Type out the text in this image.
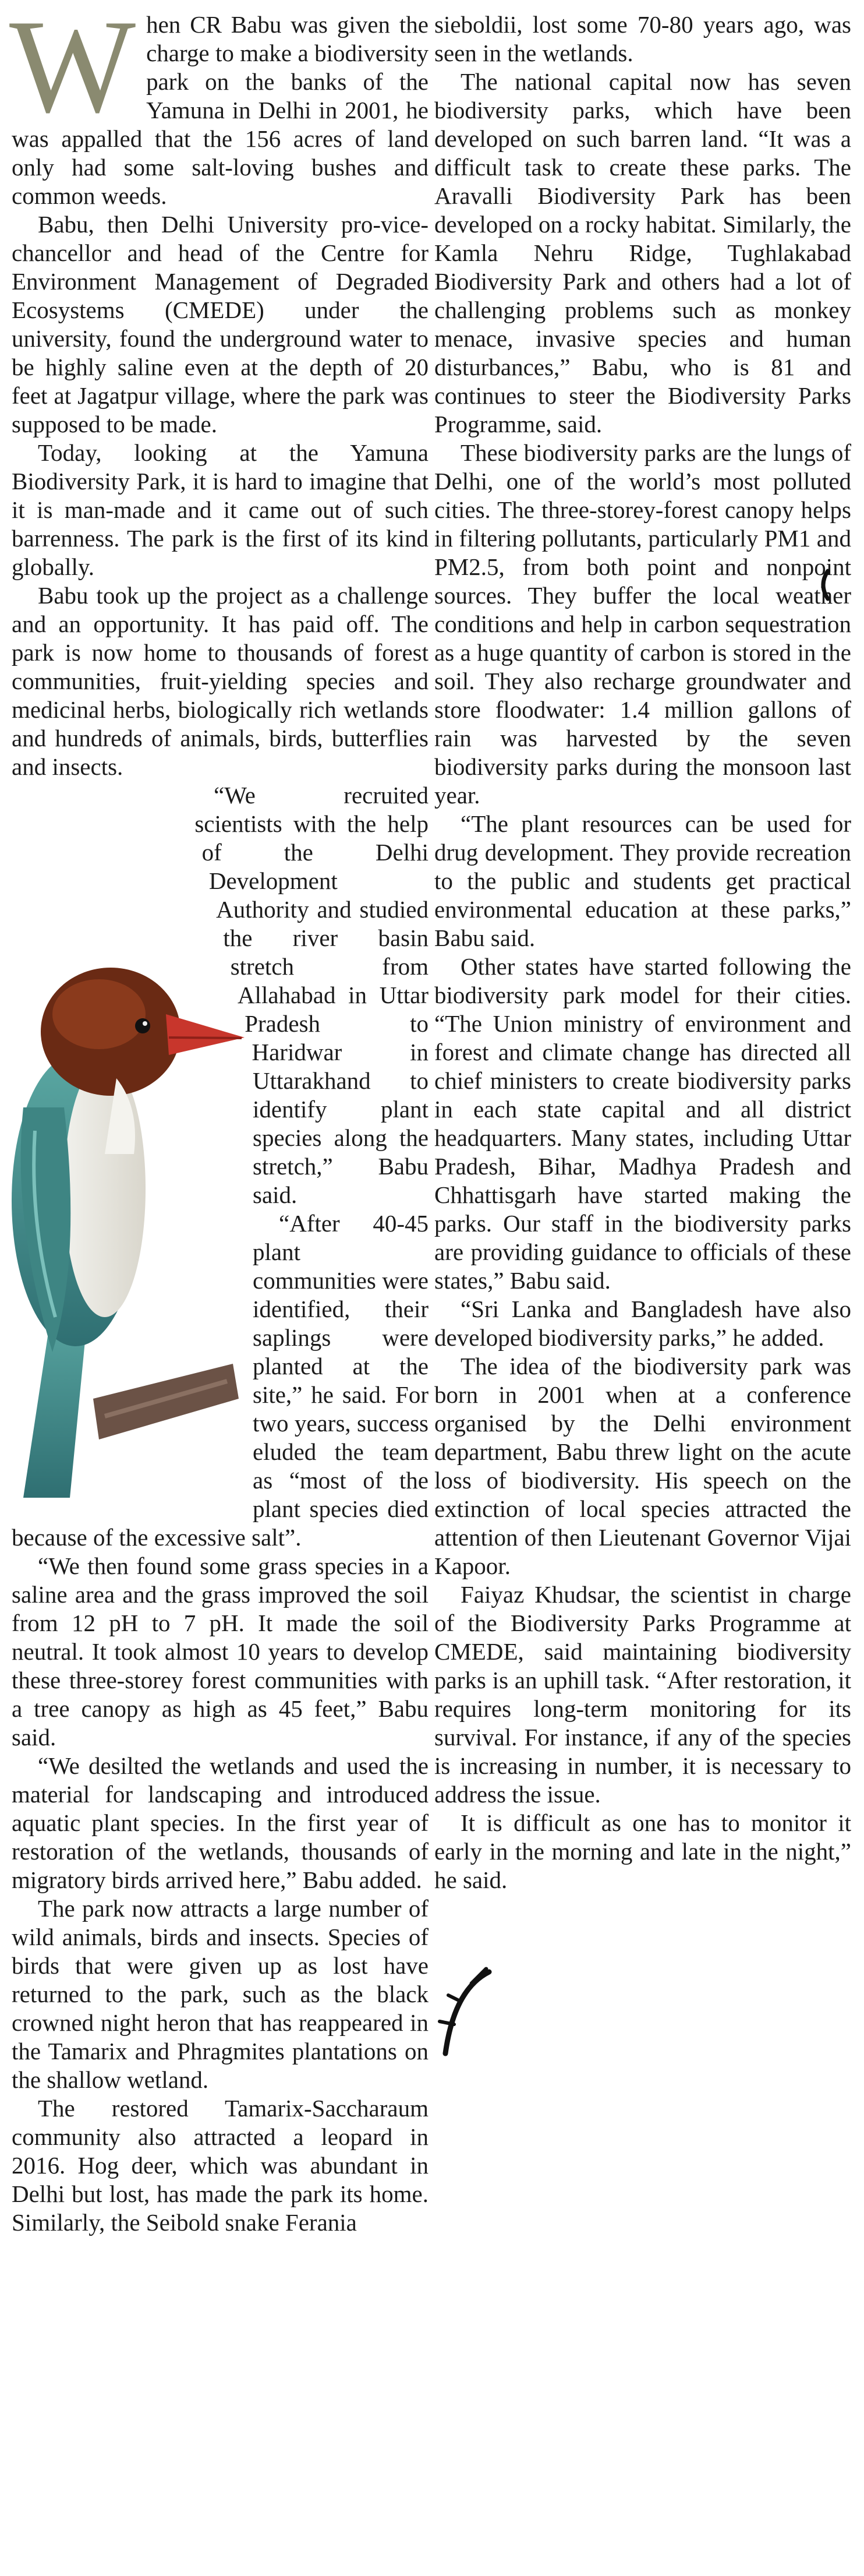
When CR Babu was given the charge to make a biodiversity park on the banks of the Yamuna in Delhi in 2001, he was appalled that the 156 acres of land only had some salt-loving bushes and common weeds.

Babu, then Delhi University pro-vice-chancellor and head of the Centre for Environment Management of Degraded Ecosystems (CMEDE) under the university, found the underground water to be highly saline even at the depth of 20 feet at Jagatpur village, where the park was supposed to be made.

Today, looking at the Yamuna Biodiversity Park, it is hard to imagine that it is man-made and it came out of such barrenness. The park is the first of its kind globally.

Babu took up the project as a challenge and an opportunity. It has paid off. The park is now home to thousands of forest communities, fruit-yielding species and medicinal herbs, biologically rich wetlands and hundreds of animals, birds, butterflies and insects.

“We recruited scientists with the help of the Delhi Development Authority and studied the river basin stretch from Allahabad in Uttar Pradesh to Haridwar in Uttarakhand to identify plant species along the stretch,” Babu said.

“After 40-45 plant communities were identified, their saplings were planted at the site,” he said. For two years, success eluded the team as “most of the plant species died because of the excessive salt”.

“We then found some grass species in a saline area and the grass improved the soil from 12 pH to 7 pH. It made the soil neutral. It took almost 10 years to develop these three-storey forest communities with a tree canopy as high as 45 feet,” Babu said.

“We desilted the wetlands and used the material for landscaping and introduced aquatic plant species. In the first year of restoration of the wetlands, thousands of migratory birds arrived here,” Babu added.

The park now attracts a large number of wild animals, birds and insects. Species of birds that were given up as lost have returned to the park, such as the black crowned night heron that has reappeared in the Tamarix and Phragmites plantations on the shallow wetland.

The restored Tamarix-Saccharaum community also attracted a leopard in 2016. Hog deer, which was abundant in Delhi but lost, has made the park its home. Similarly, the Seibold snake Ferania

sieboldii, lost some 70-80 years ago, was seen in the wetlands.

The national capital now has seven biodiversity parks, which have been developed on such barren land. “It was a difficult task to create these parks. The Aravalli Biodiversity Park has been developed on a rocky habitat. Similarly, the Kamla Nehru Ridge, Tughlakabad Biodiversity Park and others had a lot of challenging problems such as monkey menace, invasive species and human disturbances,” Babu, who is 81 and continues to steer the Biodiversity Parks Programme, said.

These biodiversity parks are the lungs of Delhi, one of the world’s most polluted cities. The three-storey-forest canopy helps in filtering pollutants, particularly PM1 and PM2.5, from both point and nonpoint sources. They buffer the local weather conditions and help in carbon sequestration as a huge quantity of carbon is stored in the soil. They also recharge groundwater and store floodwater: 1.4 million gallons of rain was harvested by the seven biodiversity parks during the monsoon last year.

“The plant resources can be used for drug development. They provide recreation to the public and students get practical environmental education at these parks,” Babu said.

Other states have started following the biodiversity park model for their cities. “The Union ministry of environment and forest and climate change has directed all chief ministers to create biodiversity parks in each state capital and all district headquarters. Many states, including Uttar Pradesh, Bihar, Madhya Pradesh and Chhattisgarh have started making the parks. Our staff in the biodiversity parks are providing guidance to officials of these states,” Babu said.

“Sri Lanka and Bangladesh have also developed biodiversity parks,” he added.

The idea of the biodiversity park was born in 2001 when at a conference organised by the Delhi environment department, Babu threw light on the acute loss of biodiversity. His speech on the extinction of local species attracted the attention of then Lieutenant Governor Vijai Kapoor.

Faiyaz Khudsar, the scientist in charge of the Biodiversity Parks Programme at CMEDE, said maintaining biodiversity parks is an uphill task. “After restoration, it requires long-term monitoring for its survival. For instance, if any of the species is increasing in number, it is necessary to address the issue.

It is difficult as one has to monitor it early in the morning and late in the night,” he said.
